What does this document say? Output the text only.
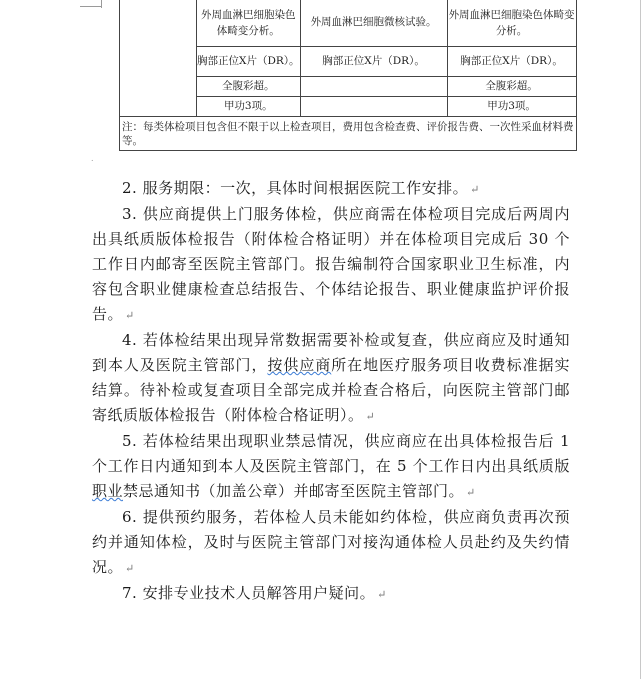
	外周血淋巴细胞染色体畸变分析。	外周血淋巴细胞微核试验。	外周血淋巴细胞染色体畸变分析。
	胸部正位X片（DR）。	胸部正位X片（DR）。	胸部正位X片（DR）。
	全腹彩超。		全腹彩超。
	甲功3项。		甲功3项。
注：每类体检项目包含但不限于以上检查项目，费用包含检查费、评价报告费、一次性采血材料费等。			
˙

2. 服务期限：一次，具体时间根据医院工作安排。 ↵

3. 供应商提供上门服务体检，供应商需在体检项目完成后两周内出具纸质版体检报告（附体检合格证明）并在体检项目完成后 30 个工作日内邮寄至医院主管部门。报告编制符合国家职业卫生标准，内容包含职业健康检查总结报告、个体结论报告、职业健康监护评价报告。 ↵

4. 若体检结果出现异常数据需要补检或复查，供应商应及时通知到本人及医院主管部门，按供应商所在地医疗服务项目收费标准据实结算。待补检或复查项目全部完成并检查合格后，向医院主管部门邮寄纸质版体检报告（附体检合格证明）。 ↵

5. 若体检结果出现职业禁忌情况，供应商应在出具体检报告后 1 个工作日内通知到本人及医院主管部门，在 5 个工作日内出具纸质版职业禁忌通知书（加盖公章）并邮寄至医院主管部门。 ↵

6. 提供预约服务，若体检人员未能如约体检，供应商负责再次预约并通知体检，及时与医院主管部门对接沟通体检人员赴约及失约情况。 ↵

7. 安排专业技术人员解答用户疑问。 ↵
